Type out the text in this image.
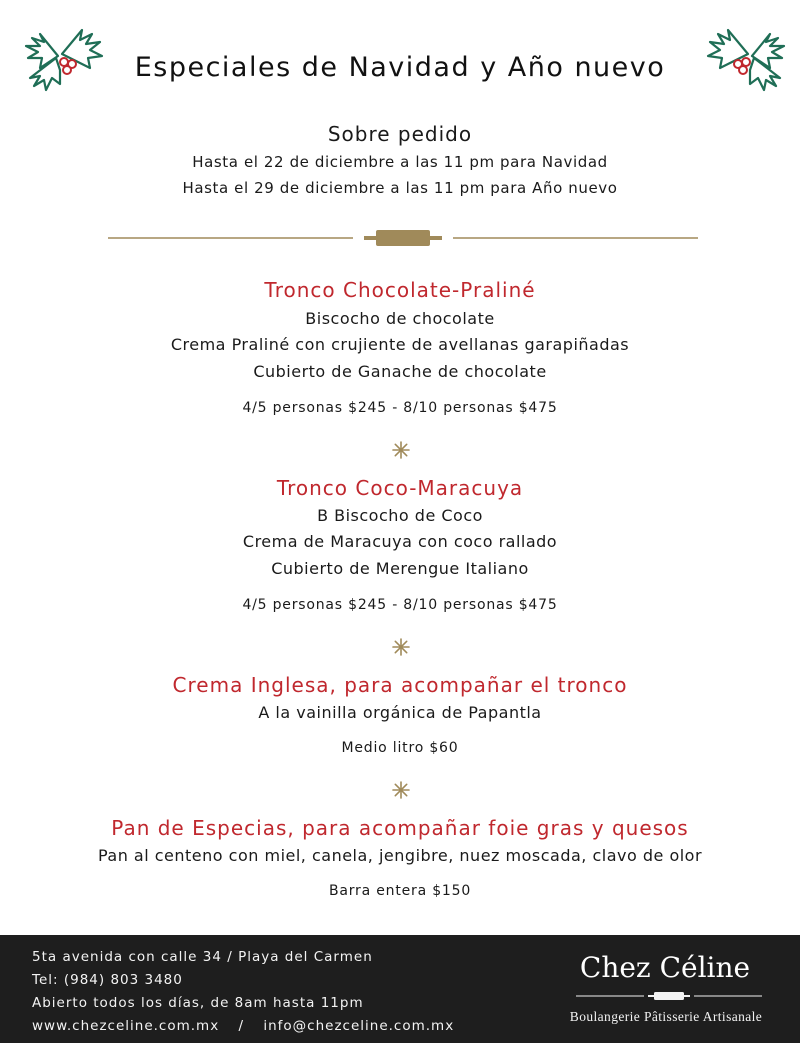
Especiales de Navidad y Año nuevo
Sobre pedido
Hasta el 22 de diciembre a las 11 pm para Navidad
Hasta el 29 de diciembre a las 11 pm para Año nuevo
Tronco Chocolate-Praliné
Biscocho de chocolate
Crema Praliné con crujiente de avellanas garapiñadas
Cubierto de Ganache de chocolate
4/5 personas $245 - 8/10 personas $475
Tronco Coco-Maracuya
B Biscocho de Coco
Crema de Maracuya con coco rallado
Cubierto de Merengue Italiano
4/5 personas $245 - 8/10 personas $475
Crema Inglesa, para acompañar el tronco
A la vainilla orgánica de Papantla
Medio litro $60
Pan de Especias, para acompañar foie gras y quesos
Pan al centeno con miel, canela, jengibre, nuez moscada, clavo de olor
Barra entera $150
5ta avenida con calle 34 / Playa del Carmen
Tel: (984) 803 3480
Abierto todos los días, de 8am hasta 11pm
www.chezceline.com.mx / info@chezceline.com.mx
Chez Céline
Boulangerie Pâtisserie Artisanale
